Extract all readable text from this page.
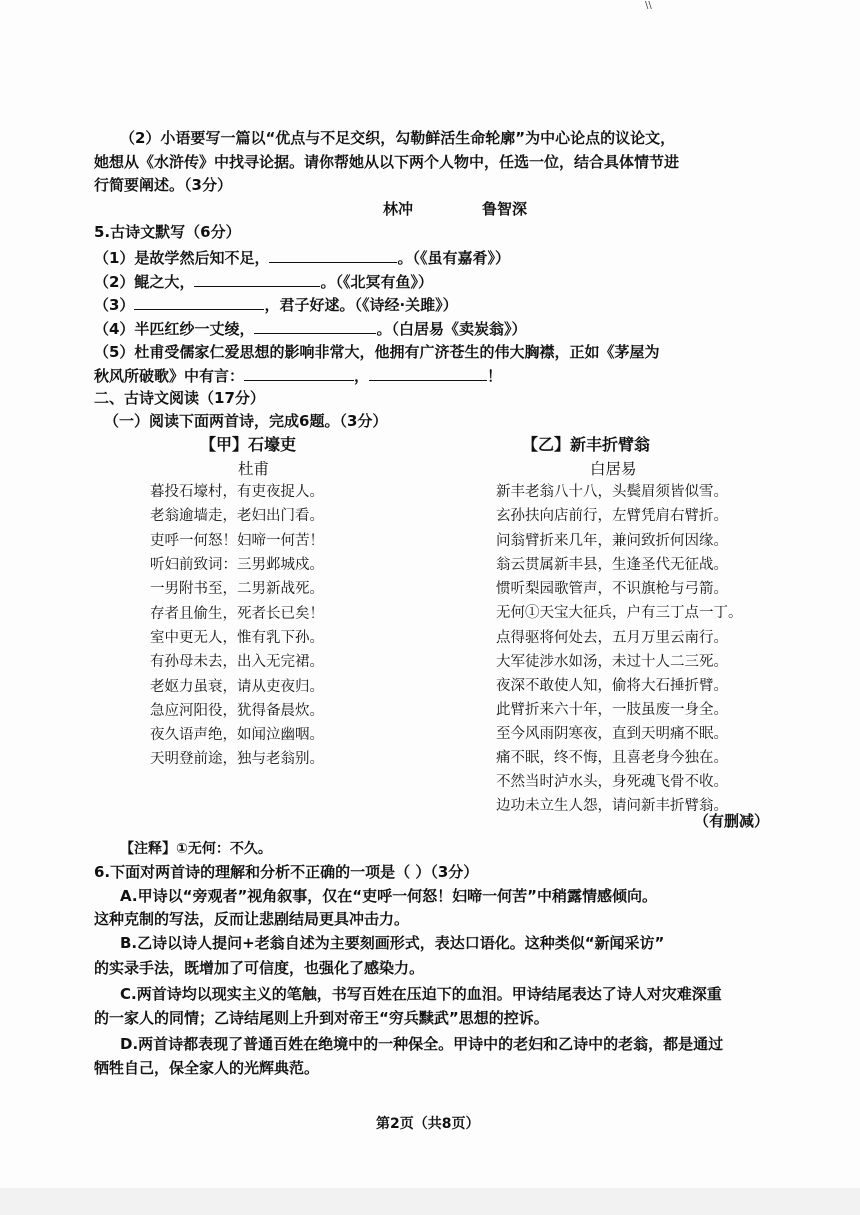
\\
（2）小语要写一篇以“优点与不足交织，勾勒鲜活生命轮廓”为中心论点的议论文，
她想从《水浒传》中找寻论据。请你帮她从以下两个人物中，任选一位，结合具体情节进
行简要阐述。（3分）
林冲	鲁智深
5.古诗文默写（6分）
（1）是故学然后知不足，	。（《虽有嘉肴》）
（2）鲲之大，	。（《北冥有鱼》）
（3）	，君子好逑。（《诗经·关雎》）
（4）半匹红纱一丈绫，	。（白居易《卖炭翁》）
（5）杜甫受儒家仁爱思想的影响非常大，他拥有广济苍生的伟大胸襟，正如《茅屋为
秋风所破歌》中有言：	，	！
二、古诗文阅读（17分）
（一）阅读下面两首诗，完成6题。（3分）
【甲】石壕吏
杜甫
暮投石壕村，有吏夜捉人。
老翁逾墙走，老妇出门看。
吏呼一何怒！妇啼一何苦！
听妇前致词：三男邺城戍。
一男附书至，二男新战死。
存者且偷生，死者长已矣！
室中更无人，惟有乳下孙。
有孙母未去，出入无完裙。
老妪力虽衰，请从吏夜归。
急应河阳役，犹得备晨炊。
夜久语声绝，如闻泣幽咽。
天明登前途，独与老翁别。
【乙】新丰折臂翁
白居易
新丰老翁八十八，头鬓眉须皆似雪。
玄孙扶向店前行，左臂凭肩右臂折。
问翁臂折来几年，兼问致折何因缘。
翁云贯属新丰县，生逢圣代无征战。
惯听梨园歌管声，不识旗枪与弓箭。
无何①天宝大征兵，户有三丁点一丁。
点得驱将何处去，五月万里云南行。
大军徒涉水如汤，未过十人二三死。
夜深不敢使人知，偷将大石捶折臂。
此臂折来六十年，一肢虽废一身全。
至今风雨阴寒夜，直到天明痛不眠。
痛不眠，终不悔，且喜老身今独在。
不然当时泸水头，身死魂飞骨不收。
边功未立生人怨，请问新丰折臂翁。
（有删减）
【注释】①无何：不久。
6.下面对两首诗的理解和分析不正确的一项是（ ）（3分）
A.甲诗以“旁观者”视角叙事，仅在“吏呼一何怒！妇啼一何苦”中稍露情感倾向。
这种克制的写法，反而让悲剧结局更具冲击力。
B.乙诗以诗人提问+老翁自述为主要刻画形式，表达口语化。这种类似“新闻采访”
的实录手法，既增加了可信度，也强化了感染力。
C.两首诗均以现实主义的笔触，书写百姓在压迫下的血泪。甲诗结尾表达了诗人对灾难深重
的一家人的同情；乙诗结尾则上升到对帝王“穷兵黩武”思想的控诉。
D.两首诗都表现了普通百姓在绝境中的一种保全。甲诗中的老妇和乙诗中的老翁，都是通过
牺牲自己，保全家人的光辉典范。
第2页（共8页）
